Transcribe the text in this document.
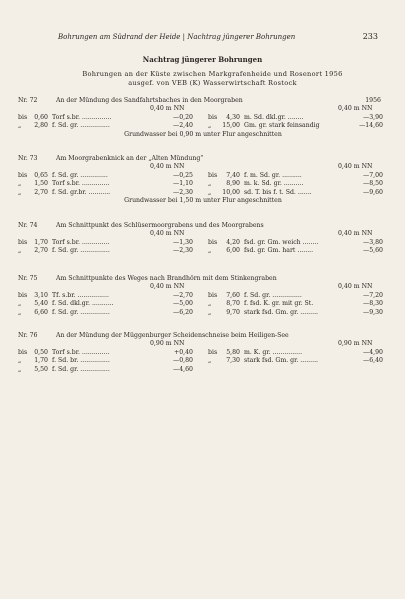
Bohrungen am Südrand der Heide | Nachtrag jüngerer Bohrungen	233
Nachtrag jüngerer Bohrungen
Bohrungen an der Küste zwischen Markgrafenheide und Rosenort 1956
ausgef. von VEB (K) Wasserwirtschaft Rostock
Nr. 72	An der Mündung des Sandfahrtsbaches in den Moorgraben	1956
0,40 m NN	0,40 m NN
bis	0,60 Torf s.br. ...............	—0,20 bis	4,30 m. Sd. dkl.gr. ........	—3,90
„	2,80 f. Sd. gr. ...............	—2,40 „	15,00 Gm. gr. stark feinsandig	—14,60
Grundwasser bei 0,90 m unter Flur angeschnitten
Nr. 73	Am Moorgrabenknick an der „Alten Mündung“
0,40 m NN	0,40 m NN
bis	0,65 f. Sd. gr. ..............	—0,25 bis	7,40 f. m. Sd. gr. ..........	—7,00
„	1,50 Torf s.br. ..............	—1,10 „	8,90 m. k. Sd. gr. ..........	—8,50
„	2,70 f. Sd. gr.br. ...........	—2,30 „	10,00 sd. T. bis f. t. Sd. .......	—9,60
Grundwasser bei 1,50 m unter Flur angeschnitten
Nr. 74	Am Schnittpunkt des Schlüsermoorgrabens und des Moorgrabens
0,40 m NN	0,40 m NN
bis	1,70 Torf s.br. ..............	—1,30 bis	4,20 fsd. gr. Gm. weich ........	—3,80
„	2,70 f. Sd. gr. ...............	—2,30 „	6,00 fsd. gr. Gm. hart ........	—5,60
Nr. 75	Am Schnittpunkte des Weges nach Brandhörn mit dem Stinkengraben
0,40 m NN	0,40 m NN
bis	3,10 Tf. s.br. ................	—2,70 bis	7,60 f. Sd. gr. ...............	—7,20
„	5,40 f. Sd. dkl.gr. ...........	—5,00 „	8,70 f. fsd. K. gr. mit gr. St.	—8,30
„	6,60 f. Sd. gr. ...............	—6,20 „	9,70 stark fsd. Gm. gr. .........	—9,30
Nr. 76	An der Mündung der Müggenburger Scheidenschneise beim Heiligen-See
0,90 m NN	0,90 m NN
bis	0,50 Torf s.br. ..............	+0,40 bis	5,80 m. K. gr. ...............	—4,90
„	1,70 f. Sd. br. ...............	—0,80 „	7,30 stark fsd. Gm. gr. .........	—6,40
„	5,50 f. Sd. gr. ...............	—4,60
